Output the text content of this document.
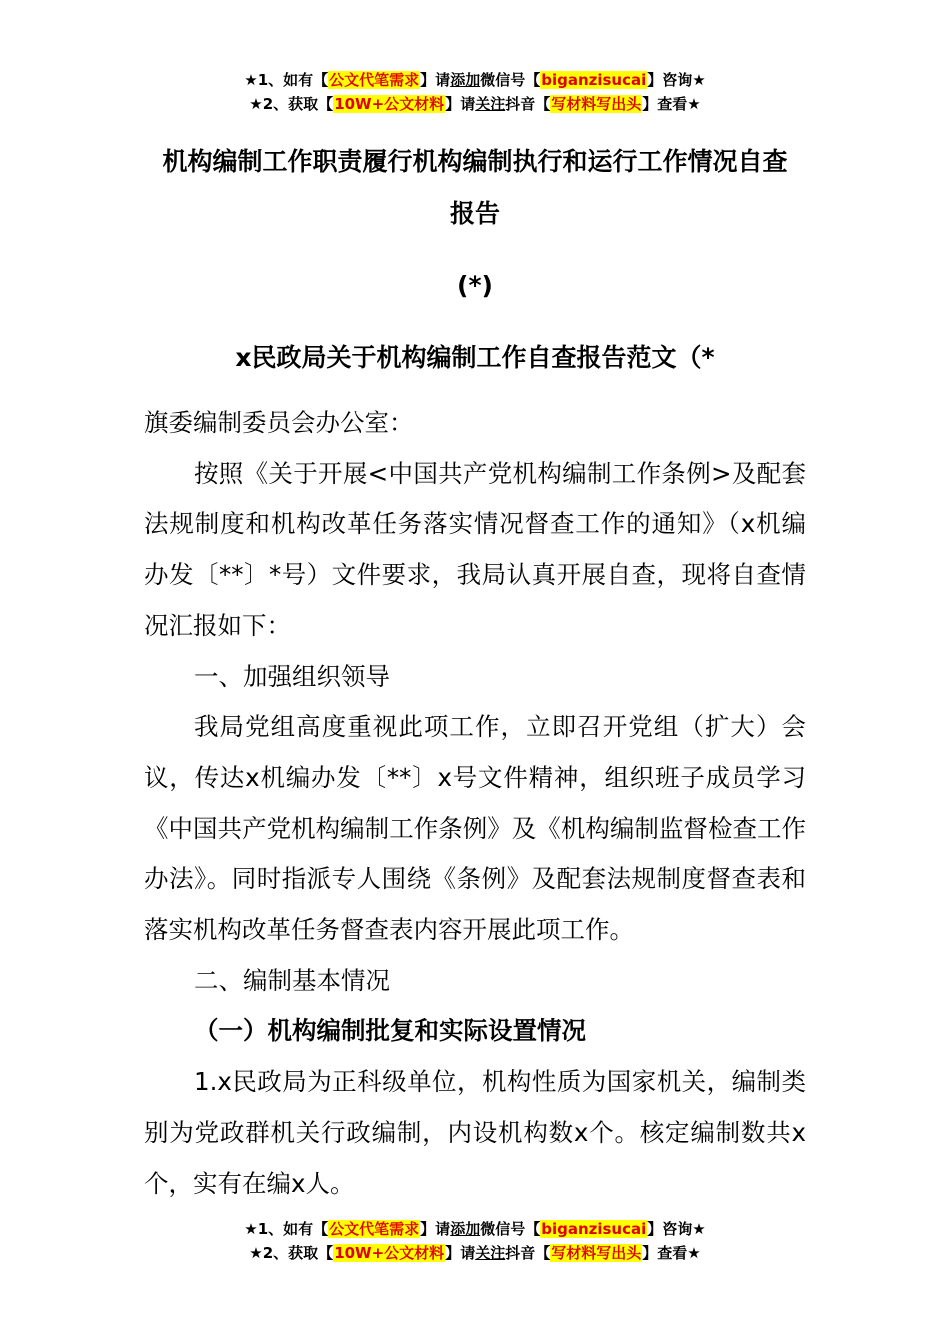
★1、如有【公文代笔需求】请添加微信号【biganzisucai】咨询★
★2、获取【10W+公文材料】请关注抖音【写材料写出头】查看★
机构编制工作职责履行机构编制执行和运行工作情况自查
报告
(*)
x民政局关于机构编制工作自查报告范文（*

旗委编制委员会办公室：

按照《关于开展<中国共产党机构编制工作条例>及配套法规制度和机构改革任务落实情况督查工作的通知》（x机编办发〔**〕*号）文件要求，我局认真开展自查，现将自查情况汇报如下：

一、加强组织领导

我局党组高度重视此项工作，立即召开党组（扩大）会议，传达x机编办发〔**〕x号文件精神，组织班子成员学习《中国共产党机构编制工作条例》及《机构编制监督检查工作办法》。同时指派专人围绕《条例》及配套法规制度督查表和落实机构改革任务督查表内容开展此项工作。

二、编制基本情况

（一）机构编制批复和实际设置情况

1.x民政局为正科级单位，机构性质为国家机关，编制类别为党政群机关行政编制，内设机构数x个。核定编制数共x个，实有在编x人。

★1、如有【公文代笔需求】请添加微信号【biganzisucai】咨询★
★2、获取【10W+公文材料】请关注抖音【写材料写出头】查看★
